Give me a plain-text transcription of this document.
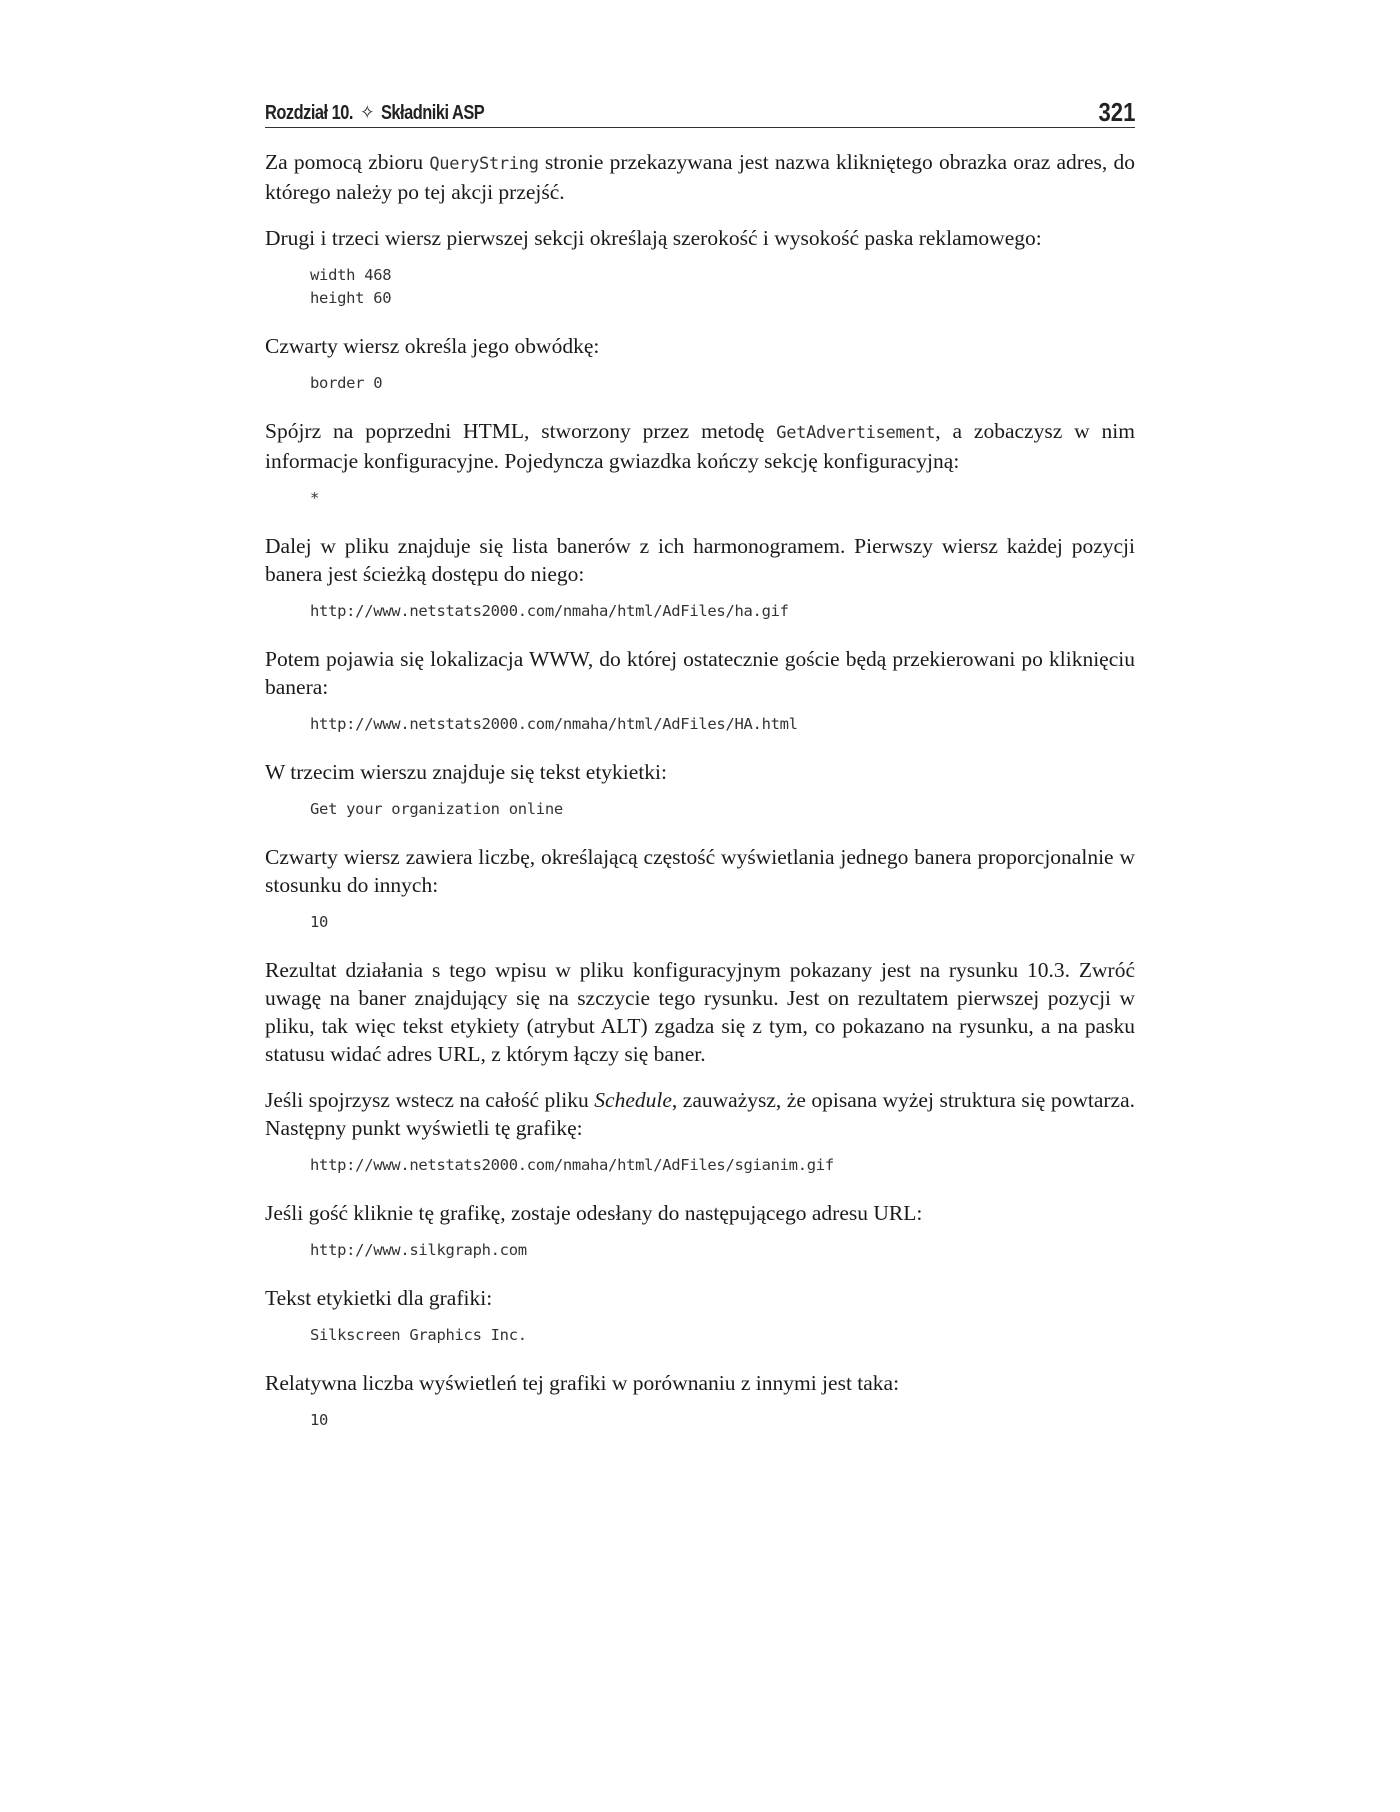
Rozdział 10. ✧ Składniki ASP	321

Za pomocą zbioru QueryString stronie przekazywana jest nazwa klikniętego obrazka oraz adres, do którego należy po tej akcji przejść.

Drugi i trzeci wiersz pierwszej sekcji określają szerokość i wysokość paska reklamowego:

width 468
height 60

Czwarty wiersz określa jego obwódkę:

border 0

Spójrz na poprzedni HTML, stworzony przez metodę GetAdvertisement, a zobaczysz w nim informacje konfiguracyjne. Pojedyncza gwiazdka kończy sekcję konfiguracyjną:

*

Dalej w pliku znajduje się lista banerów z ich harmonogramem. Pierwszy wiersz każdej pozycji banera jest ścieżką dostępu do niego:

http://www.netstats2000.com/nmaha/html/AdFiles/ha.gif

Potem pojawia się lokalizacja WWW, do której ostatecznie goście będą przekierowani po kliknięciu banera:

http://www.netstats2000.com/nmaha/html/AdFiles/HA.html

W trzecim wierszu znajduje się tekst etykietki:

Get your organization online

Czwarty wiersz zawiera liczbę, określającą częstość wyświetlania jednego banera proporcjonalnie w stosunku do innych:

10

Rezultat działania s tego wpisu w pliku konfiguracyjnym pokazany jest na rysunku 10.3. Zwróć uwagę na baner znajdujący się na szczycie tego rysunku. Jest on rezultatem pierwszej pozycji w pliku, tak więc tekst etykiety (atrybut ALT) zgadza się z tym, co pokazano na rysunku, a na pasku statusu widać adres URL, z którym łączy się baner.

Jeśli spojrzysz wstecz na całość pliku Schedule, zauważysz, że opisana wyżej struktura się powtarza. Następny punkt wyświetli tę grafikę:

http://www.netstats2000.com/nmaha/html/AdFiles/sgianim.gif

Jeśli gość kliknie tę grafikę, zostaje odesłany do następującego adresu URL:

http://www.silkgraph.com

Tekst etykietki dla grafiki:

Silkscreen Graphics Inc.

Relatywna liczba wyświetleń tej grafiki w porównaniu z innymi jest taka:

10
